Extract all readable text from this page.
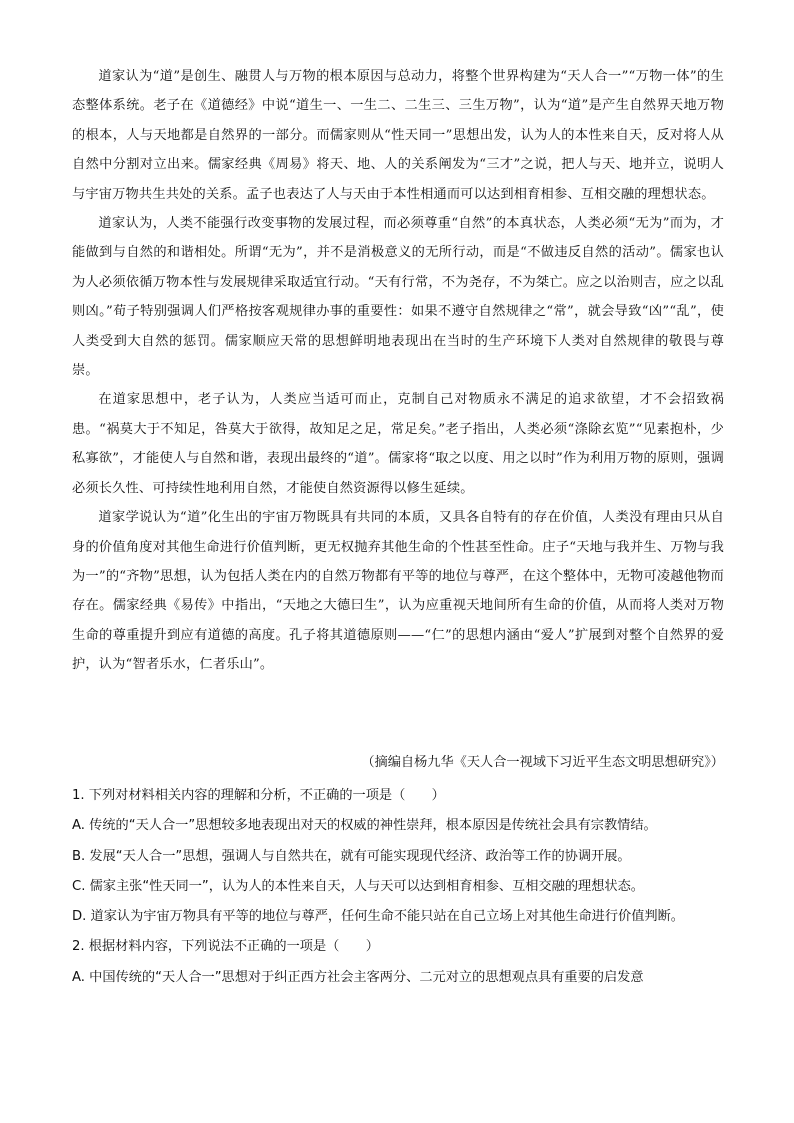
道家认为“道”是创生、融贯人与万物的根本原因与总动力，将整个世界构建为“天人合一”“万物一体”的生态整体系统。老子在《道德经》中说“道生一、一生二、二生三、三生万物”，认为“道”是产生自然界天地万物的根本，人与天地都是自然界的一部分。而儒家则从“性天同一”思想出发，认为人的本性来自天，反对将人从自然中分割对立出来。儒家经典《周易》将天、地、人的关系阐发为“三才”之说，把人与天、地并立，说明人与宇宙万物共生共处的关系。孟子也表达了人与天由于本性相通而可以达到相育相参、互相交融的理想状态。

道家认为，人类不能强行改变事物的发展过程，而必须尊重“自然”的本真状态，人类必须“无为”而为，才能做到与自然的和谐相处。所谓“无为”，并不是消极意义的无所行动，而是“不做违反自然的活动”。儒家也认为人必须依循万物本性与发展规律采取适宜行动。“天有行常，不为尧存，不为桀亡。应之以治则吉，应之以乱则凶。”荀子特别强调人们严格按客观规律办事的重要性：如果不遵守自然规律之“常”，就会导致“凶”“乱”，使人类受到大自然的惩罚。儒家顺应天常的思想鲜明地表现出在当时的生产环境下人类对自然规律的敬畏与尊崇。

在道家思想中，老子认为，人类应当适可而止，克制自己对物质永不满足的追求欲望，才不会招致祸患。“祸莫大于不知足，咎莫大于欲得，故知足之足，常足矣。”老子指出，人类必须“涤除玄览”“见素抱朴，少私寡欲”，才能使人与自然和谐，表现出最终的“道”。儒家将“取之以度、用之以时”作为利用万物的原则，强调必须长久性、可持续性地利用自然，才能使自然资源得以修生延续。

道家学说认为“道”化生出的宇宙万物既具有共同的本质，又具各自特有的存在价值，人类没有理由只从自身的价值角度对其他生命进行价值判断，更无权抛弃其他生命的个性甚至性命。庄子“天地与我并生、万物与我为一”的“齐物”思想，认为包括人类在内的自然万物都有平等的地位与尊严，在这个整体中，无物可凌越他物而存在。儒家经典《易传》中指出，“天地之大德曰生”，认为应重视天地间所有生命的价值，从而将人类对万物生命的尊重提升到应有道德的高度。孔子将其道德原则——“仁”的思想内涵由“爱人”扩展到对整个自然界的爱护，认为“智者乐水，仁者乐山”。

（摘编自杨九华《天人合一视域下习近平生态文明思想研究》）

1. 下列对材料相关内容的理解和分析，不正确的一项是（　　）

A. 传统的“天人合一”思想较多地表现出对天的权威的神性崇拜，根本原因是传统社会具有宗教情结。

B. 发展“天人合一”思想，强调人与自然共在，就有可能实现现代经济、政治等工作的协调开展。

C. 儒家主张“性天同一”，认为人的本性来自天，人与天可以达到相育相参、互相交融的理想状态。

D. 道家认为宇宙万物具有平等的地位与尊严，任何生命不能只站在自己立场上对其他生命进行价值判断。

2. 根据材料内容，下列说法不正确的一项是（　　）

A. 中国传统的“天人合一”思想对于纠正西方社会主客两分、二元对立的思想观点具有重要的启发意
